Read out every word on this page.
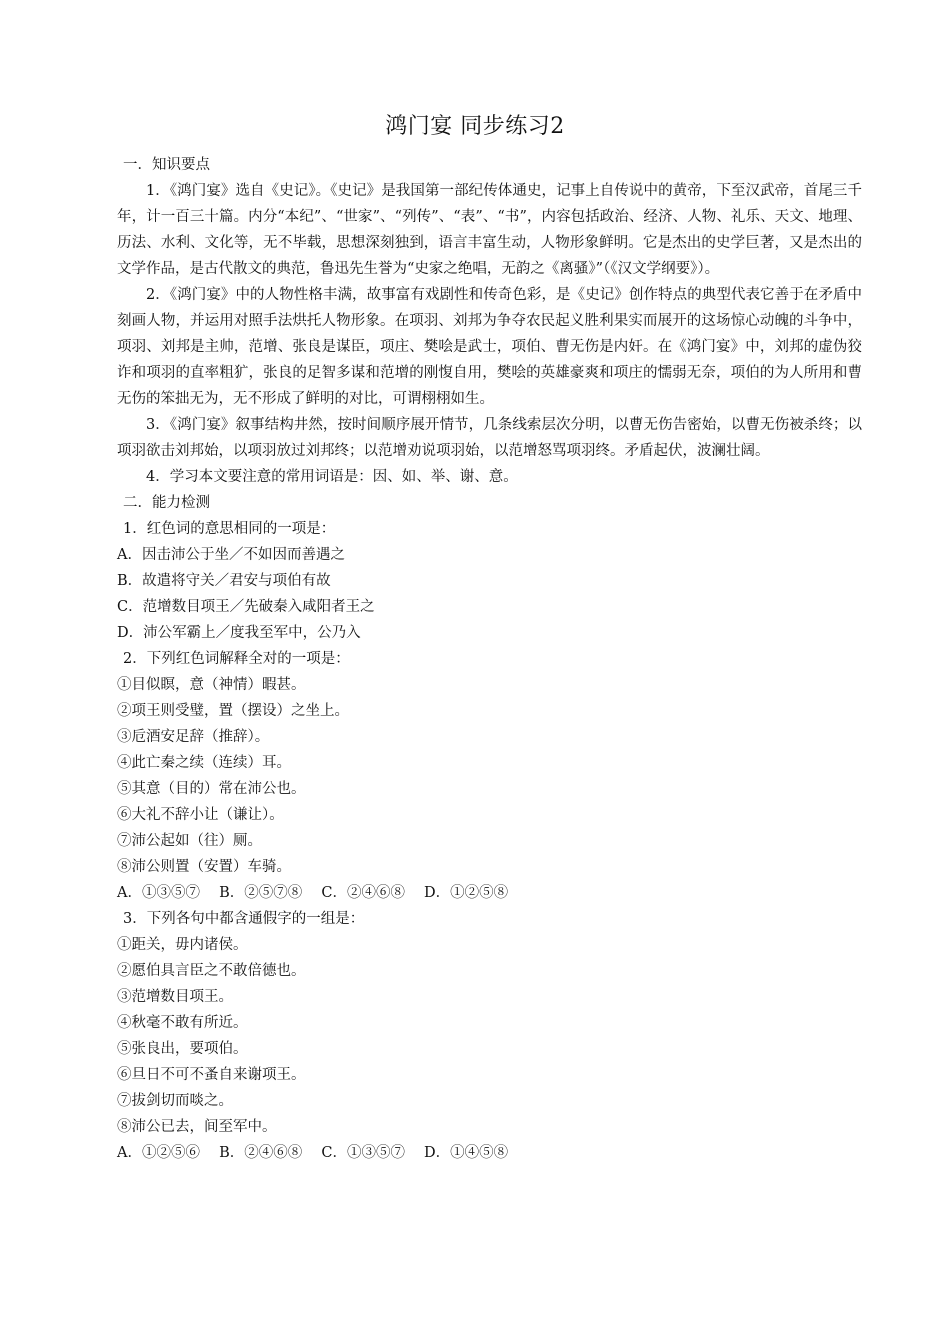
鸿门宴 同步练习2

一．知识要点

1．《鸿门宴》选自《史记》。《史记》是我国第一部纪传体通史，记事上自传说中的黄帝，下至汉武帝，首尾三千年，计一百三十篇。内分“本纪”、“世家”、“列传”、“表”、“书”，内容包括政治、经济、人物、礼乐、天文、地理、历法、水利、文化等，无不毕载，思想深刻独到，语言丰富生动，人物形象鲜明。它是杰出的史学巨著，又是杰出的文学作品，是古代散文的典范，鲁迅先生誉为“史家之绝唱，无韵之《离骚》”（《汉文学纲要》）。

2．《鸿门宴》中的人物性格丰满，故事富有戏剧性和传奇色彩，是《史记》创作特点的典型代表它善于在矛盾中刻画人物，并运用对照手法烘托人物形象。在项羽、刘邦为争夺农民起义胜利果实而展开的这场惊心动魄的斗争中，项羽、刘邦是主帅，范增、张良是谋臣，项庄、樊哙是武士，项伯、曹无伤是内奸。在《鸿门宴》中，刘邦的虚伪狡诈和项羽的直率粗犷，张良的足智多谋和范增的刚愎自用，樊哙的英雄豪爽和项庄的懦弱无奈，项伯的为人所用和曹无伤的笨拙无为，无不形成了鲜明的对比，可谓栩栩如生。

3．《鸿门宴》叙事结构井然，按时间顺序展开情节，几条线索层次分明，以曹无伤告密始，以曹无伤被杀终；以项羽欲击刘邦始，以项羽放过刘邦终；以范增劝说项羽始，以范增怒骂项羽终。矛盾起伏，波澜壮阔。

4．学习本文要注意的常用词语是：因、如、举、谢、意。

二．能力检测

1．红色词的意思相同的一项是：

A．因击沛公于坐／不如因而善遇之

B．故遣将守关／君安与项伯有故

C．范增数目项王／先破秦入咸阳者王之

D．沛公军霸上／度我至军中，公乃入

2．下列红色词解释全对的一项是：

①目似瞑，意（神情）暇甚。

②项王则受璧，置（摆设）之坐上。

③卮酒安足辞（推辞）。

④此亡秦之续（连续）耳。

⑤其意（目的）常在沛公也。

⑥大礼不辞小让（谦让）。

⑦沛公起如（往）厕。

⑧沛公则置（安置）车骑。

A．①③⑤⑦　 B．②⑤⑦⑧　 C．②④⑥⑧　 D．①②⑤⑧

3．下列各句中都含通假字的一组是：

①距关，毋内诸侯。

②愿伯具言臣之不敢倍德也。

③范增数目项王。

④秋毫不敢有所近。

⑤张良出，要项伯。

⑥旦日不可不蚤自来谢项王。

⑦拔剑切而啖之。

⑧沛公已去，间至军中。

A．①②⑤⑥　 B．②④⑥⑧　 C．①③⑤⑦　 D．①④⑤⑧
